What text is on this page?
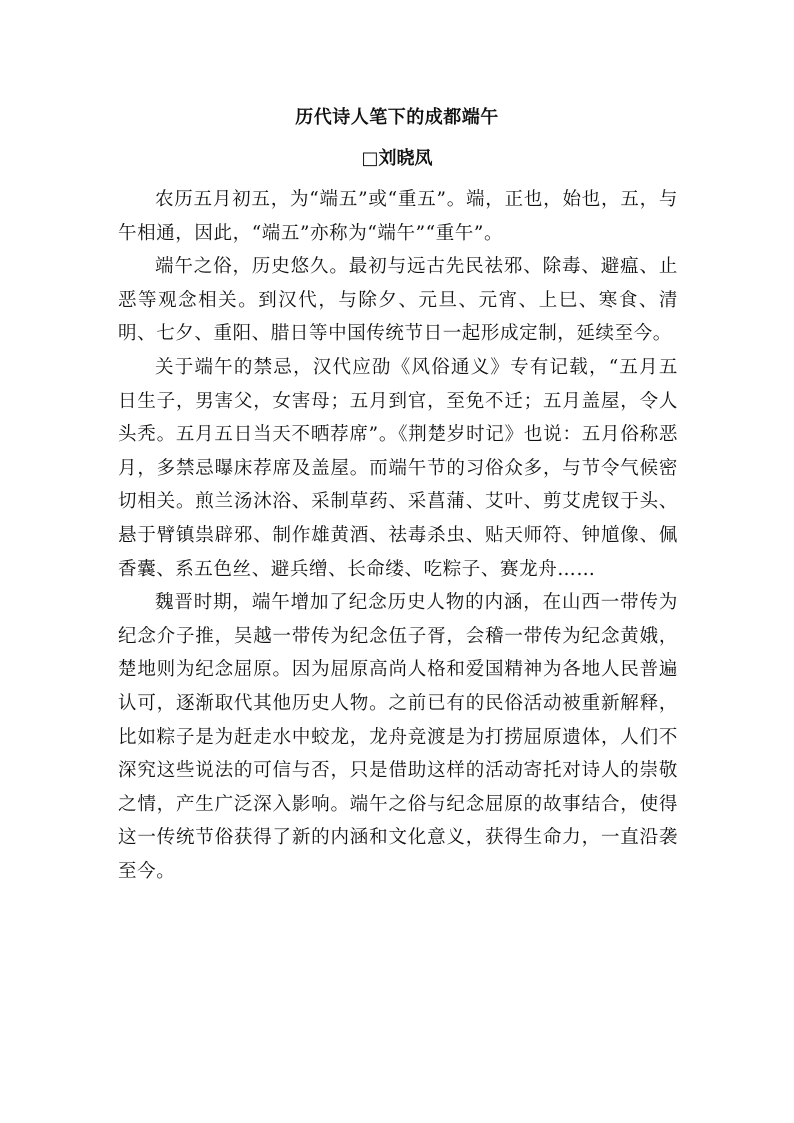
历代诗人笔下的成都端午
□刘晓凤

农历五月初五，为“端五”或“重五”。端，正也，始也，五，与午相通，因此，“端五”亦称为“端午”“重午”。

端午之俗，历史悠久。最初与远古先民祛邪、除毒、避瘟、止恶等观念相关。到汉代，与除夕、元旦、元宵、上巳、寒食、清明、七夕、重阳、腊日等中国传统节日一起形成定制，延续至今。

关于端午的禁忌，汉代应劭《风俗通义》专有记载，“五月五日生子，男害父，女害母；五月到官，至免不迁；五月盖屋，令人头秃。五月五日当天不晒荐席”。《荆楚岁时记》也说：五月俗称恶月，多禁忌曝床荐席及盖屋。而端午节的习俗众多，与节令气候密切相关。煎兰汤沐浴、采制草药、采菖蒲、艾叶、剪艾虎钗于头、悬于臂镇祟辟邪、制作雄黄酒、祛毒杀虫、贴天师符、钟馗像、佩香囊、系五色丝、避兵缯、长命缕、吃粽子、赛龙舟……

魏晋时期，端午增加了纪念历史人物的内涵，在山西一带传为纪念介子推，吴越一带传为纪念伍子胥，会稽一带传为纪念黄娥，楚地则为纪念屈原。因为屈原高尚人格和爱国精神为各地人民普遍认可，逐渐取代其他历史人物。之前已有的民俗活动被重新解释，比如粽子是为赶走水中蛟龙，龙舟竞渡是为打捞屈原遗体，人们不深究这些说法的可信与否，只是借助这样的活动寄托对诗人的崇敬之情，产生广泛深入影响。端午之俗与纪念屈原的故事结合，使得这一传统节俗获得了新的内涵和文化意义，获得生命力，一直沿袭至今。
